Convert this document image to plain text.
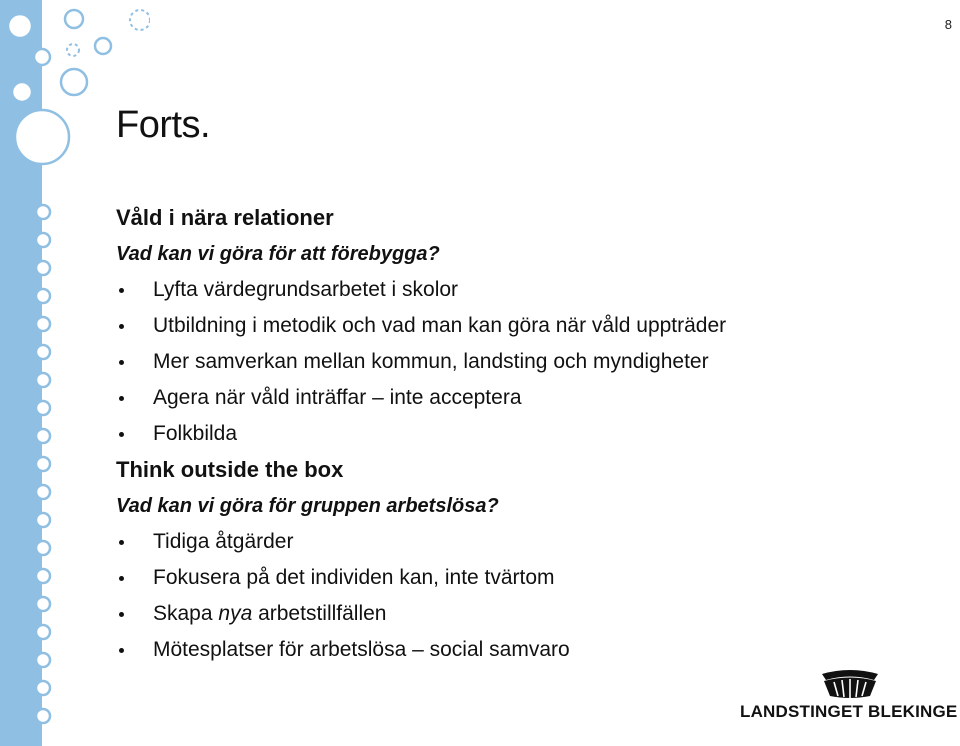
8
Forts.
Våld i nära relationer
Vad kan vi göra för att förebygga?
Lyfta värdegrundsarbetet i skolor
Utbildning i metodik och vad man kan göra när våld uppträder
Mer samverkan mellan kommun, landsting och myndigheter
Agera när våld inträffar – inte acceptera
Folkbilda
Think outside the box
Vad kan vi göra för gruppen arbetslösa?
Tidiga åtgärder
Fokusera på det individen kan, inte tvärtom
Skapa nya arbetstillfällen
Mötesplatser för arbetslösa – social samvaro
LANDSTINGET BLEKINGE
